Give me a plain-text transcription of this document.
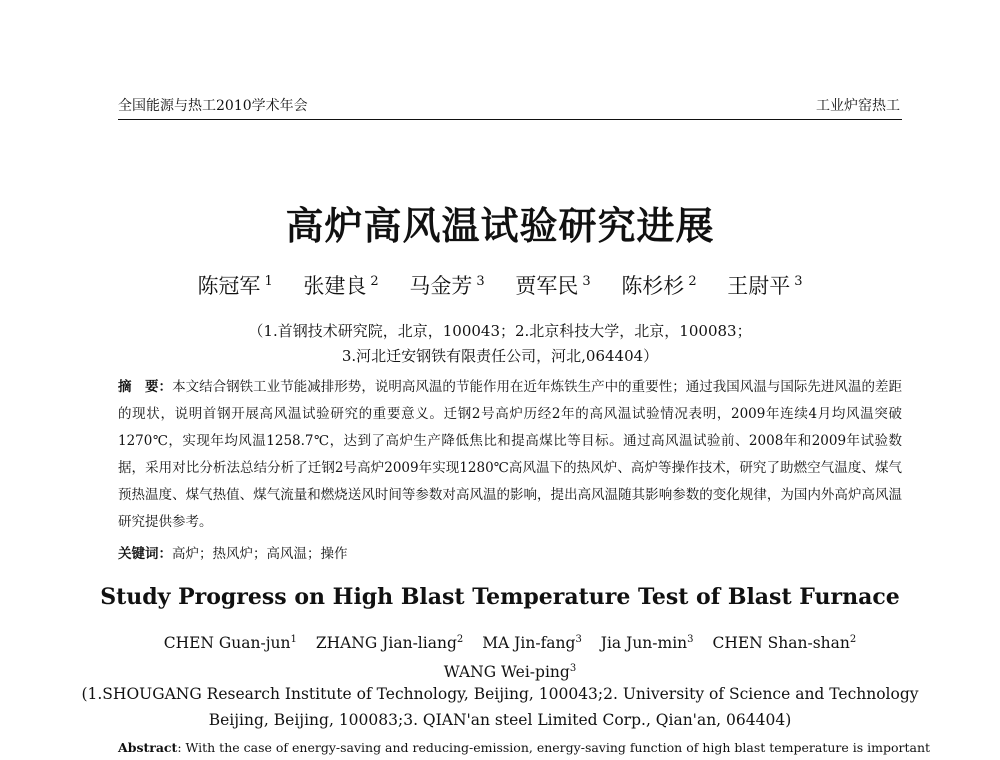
全国能源与热工2010学术年会	工业炉窑热工
高炉高风温试验研究进展
陈冠军 $^1$ 张建良 $^2$ 马金芳 $^3$ 贾军民 $^3$ 陈杉杉 $^2$ 王尉平 $^3$
（1.首钢技术研究院，北京，100043；2.北京科技大学，北京，100083；
3.河北迁安钢铁有限责任公司，河北,064404）
摘　要：本文结合钢铁工业节能减排形势，说明高风温的节能作用在近年炼铁生产中的重要性；通过我国风温与国际先进风温的差距的现状，说明首钢开展高风温试验研究的重要意义。迁钢2号高炉历经2年的高风温试验情况表明，2009年连续4月均风温突破1270℃，实现年均风温1258.7℃，达到了高炉生产降低焦比和提高煤比等目标。通过高风温试验前、2008年和2009年试验数据，采用对比分析法总结分析了迁钢2号高炉2009年实现1280℃高风温下的热风炉、高炉等操作技术，研究了助燃空气温度、煤气预热温度、煤气热值、煤气流量和燃烧送风时间等参数对高风温的影响，提出高风温随其影响参数的变化规律，为国内外高炉高风温研究提供参考。
关键词：高炉；热风炉；高风温；操作
Study Progress on High Blast Temperature Test of Blast Furnace
CHEN Guan-jun$^1$ ZHANG Jian-liang$^2$ MA Jin-fang$^3$ Jia Jun-$\min^3$ CHEN Shan-shan$^2$ WANG Wei-ping$^3$
(1.SHOUGANG Research Institute of Technology, Beijing, 100043;2. University of Science and Technology
Beijing, Beijing, 100083;3. QIAN'an steel Limited Corp., Qian'an, 064404)
Abstract: With the case of energy-saving and reducing-emission, energy-saving function of high blast temperature is important
